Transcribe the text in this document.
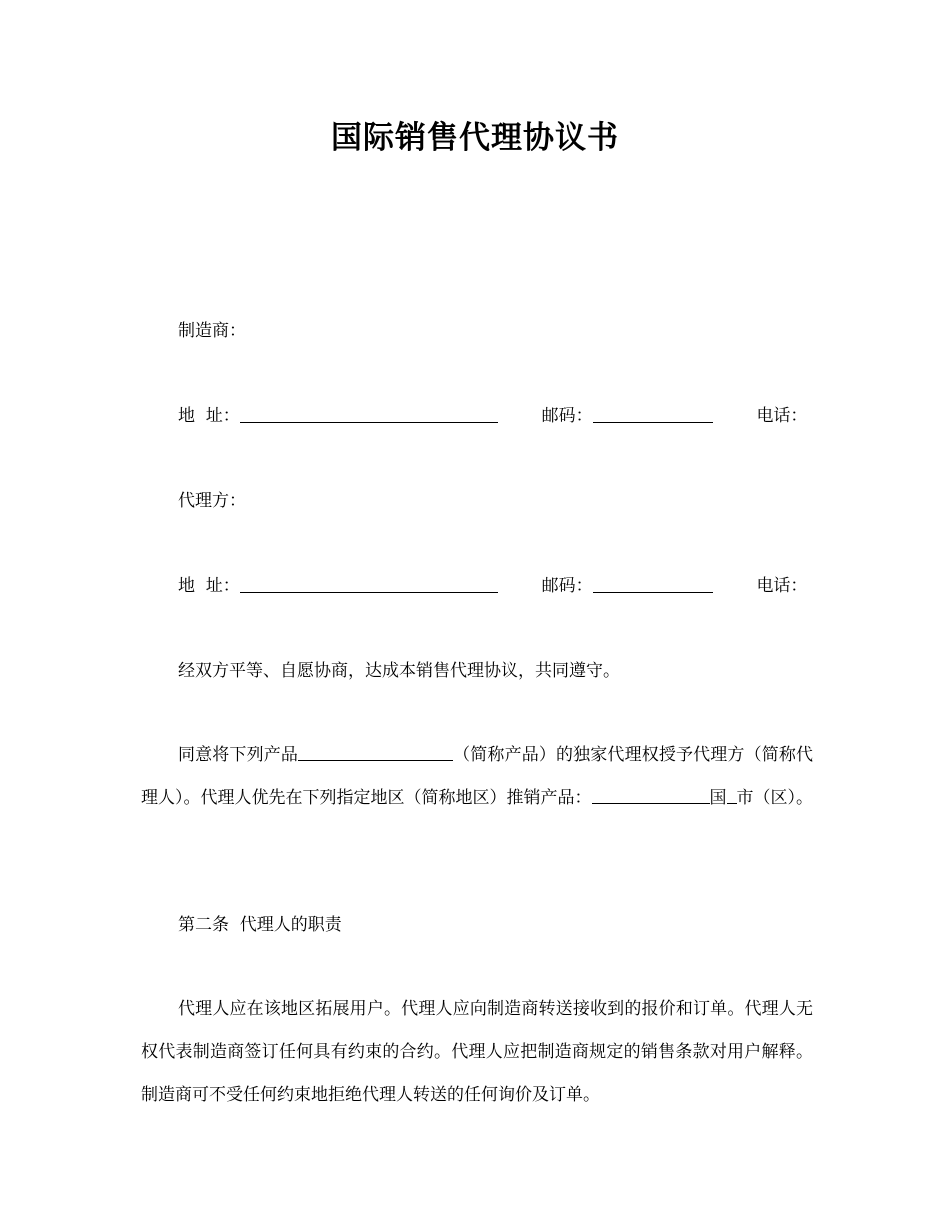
国际销售代理协议书
制造商：
地  址：	邮码：	电话：
代理方：
地  址：	邮码：	电话：
经双方平等、自愿协商，达成本销售代理协议，共同遵守。

同意将下列产品	（简称产品）的独家代理权授予代理方（简称代理人）。代理人优先在下列指定地区（简称地区）推销产品：	国 市（区）。

第二条  代理人的职责

代理人应在该地区拓展用户。代理人应向制造商转送接收到的报价和订单。代理人无权代表制造商签订任何具有约束的合约。代理人应把制造商规定的销售条款对用户解释。制造商可不受任何约束地拒绝代理人转送的任何询价及订单。
